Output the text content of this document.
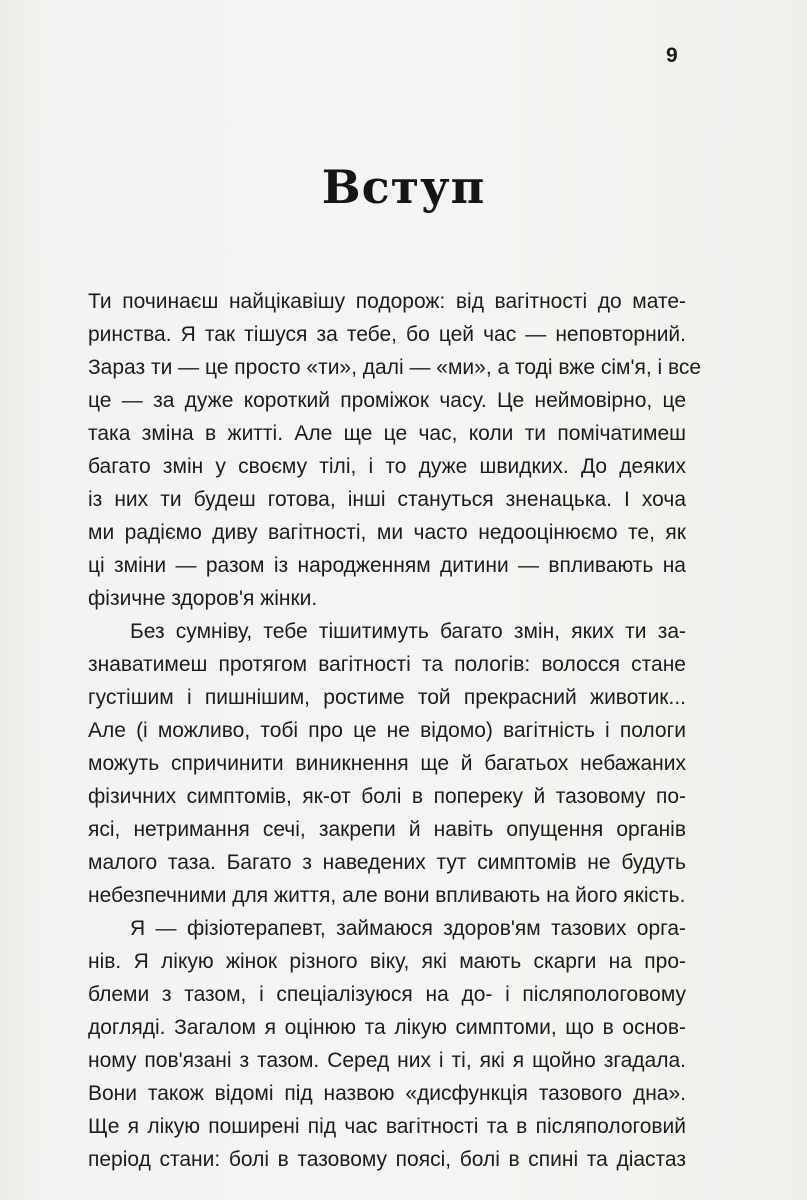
9
Вступ
Ти починаєш найцікавішу подорож: від вагітності до мате-
ринства. Я так тішуся за тебе, бо цей час — неповторний.
Зараз ти — це просто «ти», далі — «ми», а тоді вже сім'я, і все
це — за дуже короткий проміжок часу. Це неймовірно, це
така зміна в житті. Але ще це час, коли ти помічатимеш
багато змін у своєму тілі, і то дуже швидких. До деяких
із них ти будеш готова, інші станутьcя зненацька. І хоча
ми радіємо диву вагітності, ми часто недооцінюємо те, як
ці зміни — разом із народженням дитини — впливають на
фізичне здоров'я жінки.
Без сумніву, тебе тішитимуть багато змін, яких ти за-
знаватимеш протягом вагітності та пологів: волосся стане
густішим і пишнішим, ростиме той прекрасний животик...
Але (і можливо, тобі про це не відомо) вагітність і пологи
можуть спричинити виникнення ще й багатьох небажаних
фізичних симптомів, як-от болі в попереку й тазовому по-
ясі, нетримання сечі, закрепи й навіть опущення органів
малого таза. Багато з наведених тут симптомів не будуть
небезпечними для життя, але вони впливають на його якість.
Я — фізіотерапевт, займаюся здоров'ям тазових орга-
нів. Я лікую жінок різного віку, які мають скарги на про-
блеми з тазом, і спеціалізуюся на до- і післяпологовому
догляді. Загалом я оцінюю та лікую симптоми, що в основ-
ному пов'язані з тазом. Серед них і ті, які я щойно згадала.
Вони також відомі під назвою «дисфункція тазового дна».
Ще я лікую поширені під час вагітності та в післяпологовий
період стани: болі в тазовому поясі, болі в спині та діастаз
